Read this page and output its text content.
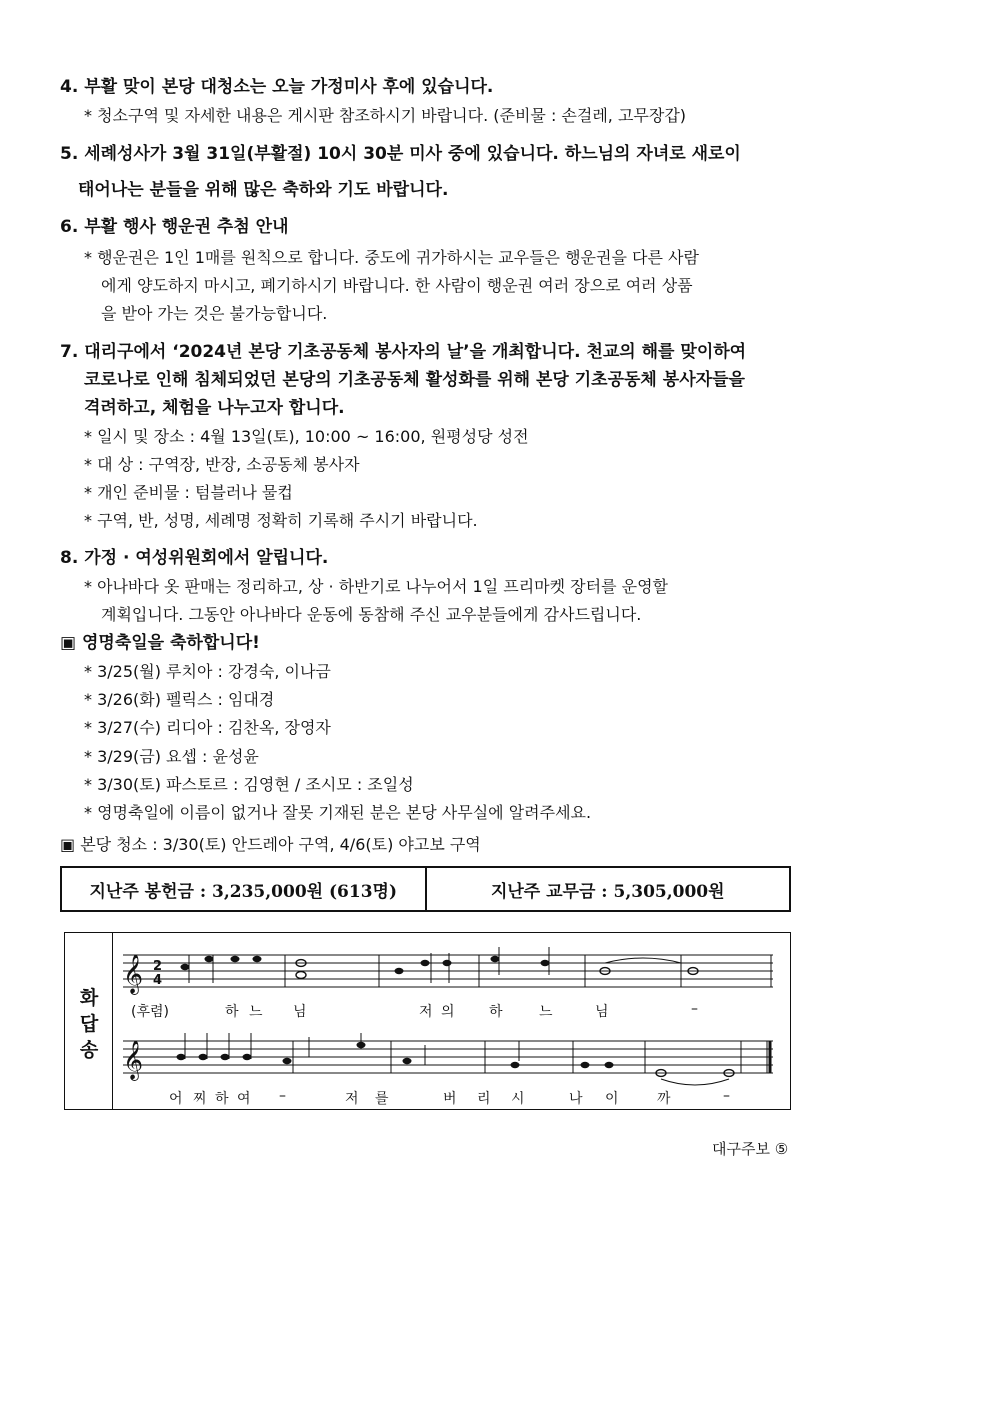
4. 부활 맞이 본당 대청소는 오늘 가정미사 후에 있습니다.
* 청소구역 및 자세한 내용은 게시판 참조하시기 바랍니다. (준비물 : 손걸레, 고무장갑)
5. 세례성사가 3월 31일(부활절) 10시 30분 미사 중에 있습니다. 하느님의 자녀로 새로이
태어나는 분들을 위해 많은 축하와 기도 바랍니다.
6. 부활 행사 행운권 추첨 안내
* 행운권은 1인 1매를 원칙으로 합니다. 중도에 귀가하시는 교우들은 행운권을 다른 사람
에게 양도하지 마시고, 폐기하시기 바랍니다. 한 사람이 행운권 여러 장으로 여러 상품
을 받아 가는 것은 불가능합니다.
7. 대리구에서 ‘2024년 본당 기초공동체 봉사자의 날’을 개최합니다. 천교의 해를 맞이하여
코로나로 인해 침체되었던 본당의 기초공동체 활성화를 위해 본당 기초공동체 봉사자들을
격려하고, 체험을 나누고자 합니다.
* 일시 및 장소 : 4월 13일(토), 10:00 ~ 16:00, 원평성당 성전
* 대 상 : 구역장, 반장, 소공동체 봉사자
* 개인 준비물 : 텀블러나 물컵
* 구역, 반, 성명, 세례명 정확히 기록해 주시기 바랍니다.
8. 가정 · 여성위원회에서 알립니다.
* 아나바다 옷 판매는 정리하고, 상 · 하반기로 나누어서 1일 프리마켓 장터를 운영할
계획입니다. 그동안 아나바다 운동에 동참해 주신 교우분들에게 감사드립니다.
▣ 영명축일을 축하합니다!
* 3/25(월) 루치아 : 강경숙, 이나금
* 3/26(화) 펠릭스 : 임대경
* 3/27(수) 리디아 : 김찬옥, 장영자
* 3/29(금) 요셉 : 윤성윤
* 3/30(토) 파스토르 : 김영현 / 조시모 : 조일성
* 영명축일에 이름이 없거나 잘못 기재된 분은 본당 사무실에 알려주세요.
▣ 본당 청소 : 3/30(토) 안드레아 구역, 4/6(토) 야고보 구역
지난주 봉헌금 : 3,235,000원 (613명)	지난주 교무금 : 5,305,000원
화
답
송
𝄞 2
4
𝄞
(후렴)	하 느 님	저 의 하	느	님	–
어 찌 하 여 –	저 를	버 리 시	나 이	까	–
대구주보 ⑤
